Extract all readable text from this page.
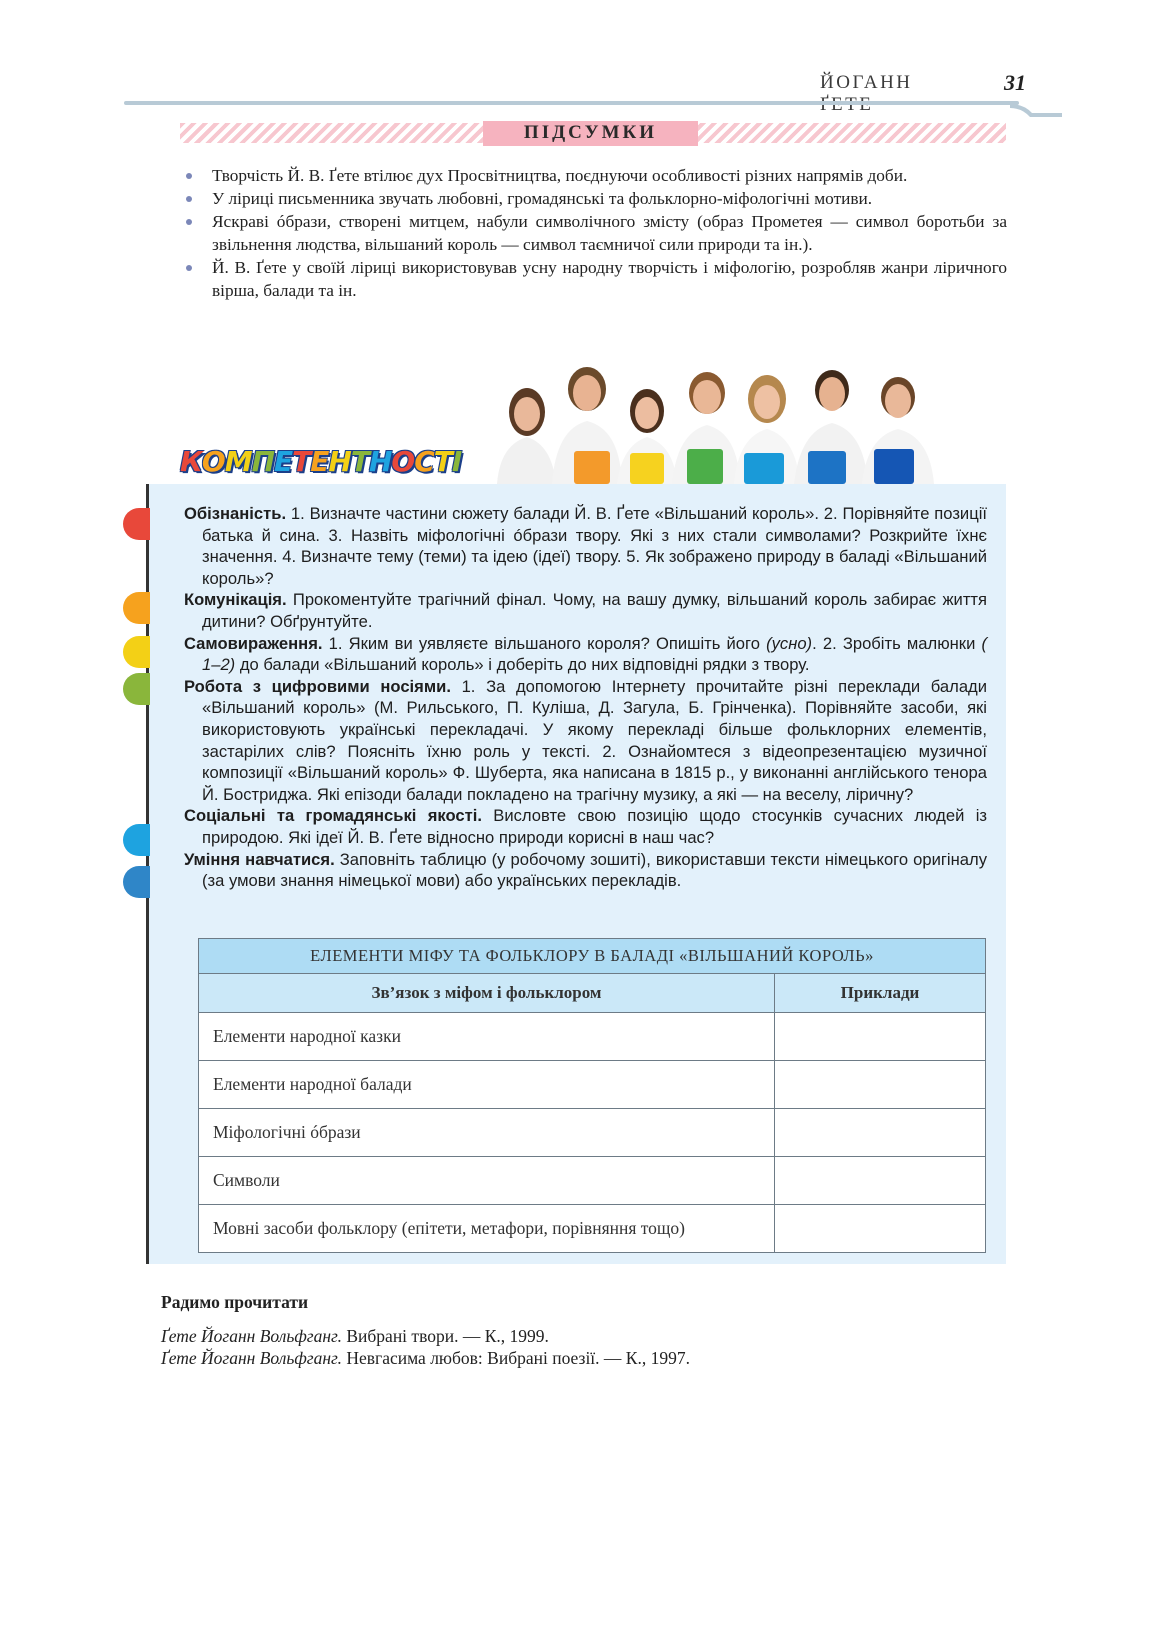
ЙОГАНН	31
ПІДСУМКИ
Творчість Й. В. Ґете втілює дух Просвітництва, поєднуючи особливості різних напрямів доби.
У ліриці письменника звучать любовні, громадянські та фольклорно-міфологічні мотиви.
Яскраві óбрази, створені митцем, набули символічного змісту (образ Прометея — символ боротьби за звільнення людства, вільшаний король — символ таємничої сили природи та ін.).
Й. В. Ґете у своїй ліриці використовував усну народну творчість і міфологію, розробляв жанри ліричного вірша, балади та ін.
КОМПЕТЕНТНОСТІ

Обізнаність. 1. Визначте частини сюжету балади Й. В. Ґете «Вільшаний король». 2. Порівняйте позиції батька й сина. 3. Назвіть міфологічні óбрази твору. Які з них стали символами? Розкрийте їхнє значення. 4. Визначте тему (теми) та ідею (ідеї) твору. 5. Як зображено природу в баладі «Вільшаний король»?

Комунікація. Прокоментуйте трагічний фінал. Чому, на вашу думку, вільшаний король забирає життя дитини? Обґрунтуйте.

Самовираження. 1. Яким ви уявляєте вільшаного короля? Опишіть його (усно). 2. Зробіть малюнки ( 1–2) до балади «Вільшаний король» і доберіть до них відповідні рядки з твору.

Робота з цифровими носіями. 1. За допомогою Інтернету прочитайте різні переклади балади «Вільшаний король» (М. Рильського, П. Куліша, Д. Загула, Б. Грінченка). Порівняйте засоби, які використовують українські перекладачі. У якому перекладі більше фольклорних елементів, застарілих слів? Поясніть їхню роль у тексті. 2. Ознайомтеся з відеопрезентацією музичної композиції «Вільшаний король» Ф. Шуберта, яка написана в 1815 р., у виконанні англійського тенора Й. Бостриджа. Які епізоди балади покладено на трагічну музику, а які — на веселу, ліричну?

Соціальні та громадянські якості. Висловте свою позицію щодо стосунків сучасних людей із природою. Які ідеї Й. В. Ґете відносно природи корисні в наш час?

Уміння навчатися. Заповніть таблицю (у робочому зошиті), використавши тексти німецького оригіналу (за умови знання німецької мови) або українських перекладів.

ЕЛЕМЕНТИ МІФУ ТА ФОЛЬКЛОРУ В БАЛАДІ «ВІЛЬШАНИЙ КОРОЛЬ»	
Зв’язок з міфом і фольклором	Приклади
Елементи народної казки	
Елементи народної балади	
Міфологічні óбрази	
Символи	
Мовні засоби фольклору (епітети, метафори, порівняння тощо)	
Радимо прочитати
Ґете Йоганн Вольфганг. Вибрані твори. — К., 1999.
Ґете Йоганн Вольфганг. Невгасима любов: Вибрані поезії. — К., 1997.
